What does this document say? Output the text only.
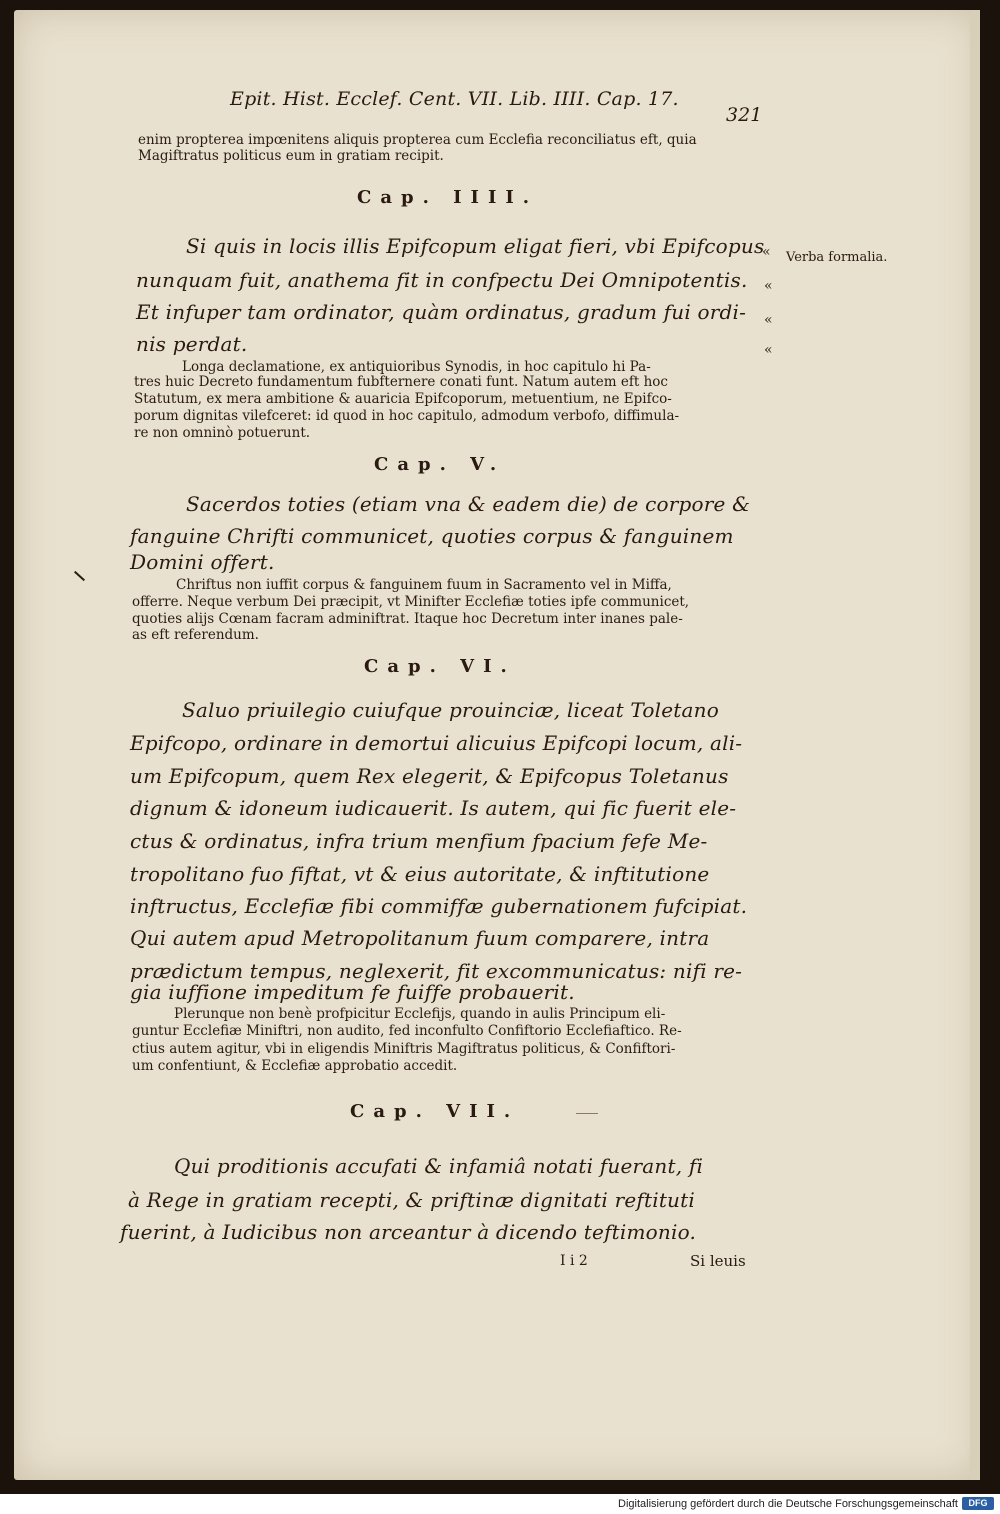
Epit. Hist. Ecclef. Cent. VII. Lib. IIII. Cap. 17.
321
enim propterea impœnitens aliquis propterea cum Ecclefia reconciliatus eft, quia
Magiftratus politicus eum in gratiam recipit.
Cap. IIII.
Si quis in locis illis Epifcopum eligat fieri, vbi Epifcopus
nunquam fuit, anathema fit in confpectu Dei Omnipotentis.
Et infuper tam ordinator, quàm ordinatus, gradum fui ordi-
nis perdat.
«
«
«
«
Verba formalia.
Longa declamatione, ex antiquioribus Synodis, in hoc capitulo hi Pa-
tres huic Decreto fundamentum fubfternere conati funt. Natum autem eft hoc
Statutum, ex mera ambitione & auaricia Epifcoporum, metuentium, ne Epifco-
porum dignitas vilefceret: id quod in hoc capitulo, admodum verbofo, diffimula-
re non omninò potuerunt.
Cap. V.
Sacerdos toties (etiam vna & eadem die) de corpore &
fanguine Chrifti communicet, quoties corpus & fanguinem
Domini offert.
Chriftus non iuffit corpus & fanguinem fuum in Sacramento vel in Miffa,
offerre. Neque verbum Dei præcipit, vt Minifter Ecclefiæ toties ipfe communicet,
quoties alijs Cœnam facram adminiftrat. Itaque hoc Decretum inter inanes pale-
as eft referendum.
Cap. VI.
Saluo priuilegio cuiufque prouinciæ, liceat Toletano
Epifcopo, ordinare in demortui alicuius Epifcopi locum, ali-
um Epifcopum, quem Rex elegerit, & Epifcopus Toletanus
dignum & idoneum iudicauerit. Is autem, qui fic fuerit ele-
ctus & ordinatus, infra trium menfium fpacium fefe Me-
tropolitano fuo fiftat, vt & eius autoritate, & inftitutione
inftructus, Ecclefiæ fibi commiffæ gubernationem fufcipiat.
Qui autem apud Metropolitanum fuum comparere, intra
prædictum tempus, neglexerit, fit excommunicatus: nifi re-
gia iuffione impeditum fe fuiffe probauerit.
Plerunque non benè profpicitur Ecclefijs, quando in aulis Principum eli-
guntur Ecclefiæ Miniftri, non audito, fed inconfulto Confiftorio Ecclefiaftico. Re-
ctius autem agitur, vbi in eligendis Miniftris Magiftratus politicus, & Confiftori-
um confentiunt, & Ecclefiæ approbatio accedit.
Cap. VII.
Qui proditionis accufati & infamiâ notati fuerant, fi
à Rege in gratiam recepti, & priftinæ dignitati reftituti
fuerint, à Iudicibus non arceantur à dicendo teftimonio.
I i 2	Si leuis
Digitalisierung gefördert durch die Deutsche Forschungsgemeinschaft	DFG
